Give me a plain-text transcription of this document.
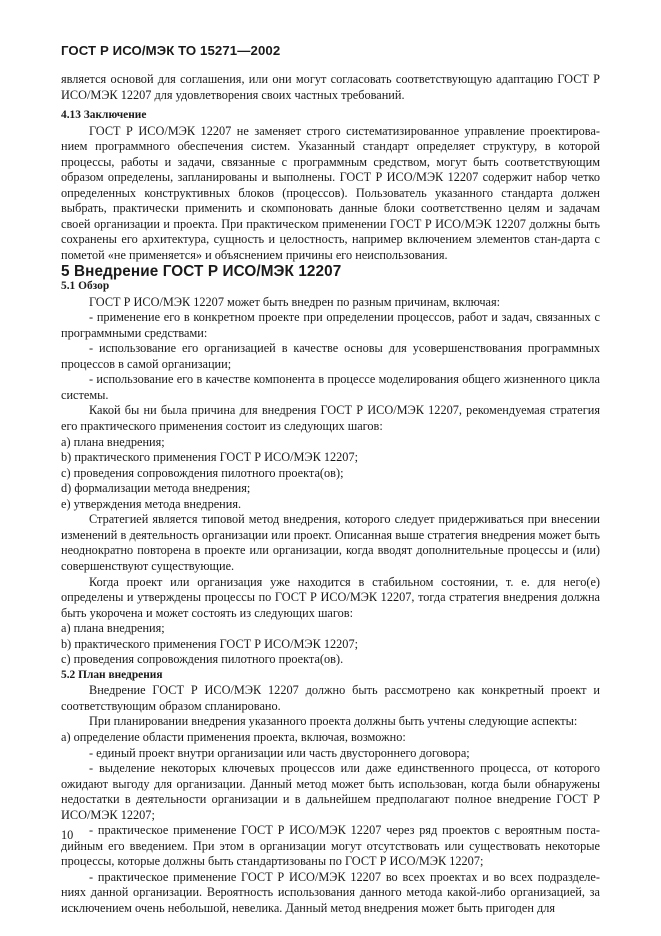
ГОСТ Р ИСО/МЭК ТО 15271—2002

является основой для соглашения, или они могут согласовать соответствующую адаптацию ГОСТ Р ИСО/МЭК 12207 для удовлетворения своих частных требований.

4.13 Заключение

ГОСТ Р ИСО/МЭК 12207 не заменяет строго систематизированное управление проектирова-нием программного обеспечения систем. Указанный стандарт определяет структуру, в которой процессы, работы и задачи, связанные с программным средством, могут быть соответствующим образом определены, запланированы и выполнены. ГОСТ Р ИСО/МЭК 12207 содержит набор четко определенных конструктивных блоков (процессов). Пользователь указанного стандарта должен выбрать, практически применить и скомпоновать данные блоки соответственно целям и задачам своей организации и проекта. При практическом применении ГОСТ Р ИСО/МЭК 12207 должны быть сохранены его архитектура, сущность и целостность, например включением элементов стан-дарта с пометой «не применяется» и объяснением причины его неиспользования.

5 Внедрение ГОСТ Р ИСО/МЭК 12207

5.1 Обзор

ГОСТ Р ИСО/МЭК 12207 может быть внедрен по разным причинам, включая:

- применение его в конкретном проекте при определении процессов, работ и задач, связанных с программными средствами:

- использование его организацией в качестве основы для усовершенствования программных процессов в самой организации;

- использование его в качестве компонента в процессе моделирования общего жизненного цикла системы.

Какой бы ни была причина для внедрения ГОСТ Р ИСО/МЭК 12207, рекомендуемая стратегия его практического применения состоит из следующих шагов:

a) плана внедрения;

b) практического применения ГОСТ Р ИСО/МЭК 12207;

c) проведения сопровождения пилотного проекта(ов);

d) формализации метода внедрения;

e) утверждения метода внедрения.

Стратегией является типовой метод внедрения, которого следует придерживаться при внесении изменений в деятельность организации или проект. Описанная выше стратегия внедрения может быть неоднократно повторена в проекте или организации, когда вводят дополнительные процессы и (или) совершенствуют существующие.

Когда проект или организация уже находится в стабильном состоянии, т. е. для него(е) определены и утверждены процессы по ГОСТ Р ИСО/МЭК 12207, тогда стратегия внедрения должна быть укорочена и может состоять из следующих шагов:

a) плана внедрения;

b) практического применения ГОСТ Р ИСО/МЭК 12207;

c) проведения сопровождения пилотного проекта(ов).

5.2 План внедрения

Внедрение ГОСТ Р ИСО/МЭК 12207 должно быть рассмотрено как конкретный проект и соответствующим образом спланировано.

При планировании внедрения указанного проекта должны быть учтены следующие аспекты:

а) определение области применения проекта, включая, возможно:

- единый проект внутри организации или часть двустороннего договора;

- выделение некоторых ключевых процессов или даже единственного процесса, от которого ожидают выгоду для организации. Данный метод может быть использован, когда были обнаружены недостатки в деятельности организации и в дальнейшем предполагают полное внедрение ГОСТ Р ИСО/МЭК 12207;

- практическое применение ГОСТ Р ИСО/МЭК 12207 через ряд проектов с вероятным поста-дийным его введением. При этом в организации могут отсутствовать или существовать некоторые процессы, которые должны быть стандартизованы по ГОСТ Р ИСО/МЭК 12207;

- практическое применение ГОСТ Р ИСО/МЭК 12207 во всех проектах и во всех подразделе-ниях данной организации. Вероятность использования данного метода какой-либо организацией, за исключением очень небольшой, невелика. Данный метод внедрения может быть пригоден для

10
